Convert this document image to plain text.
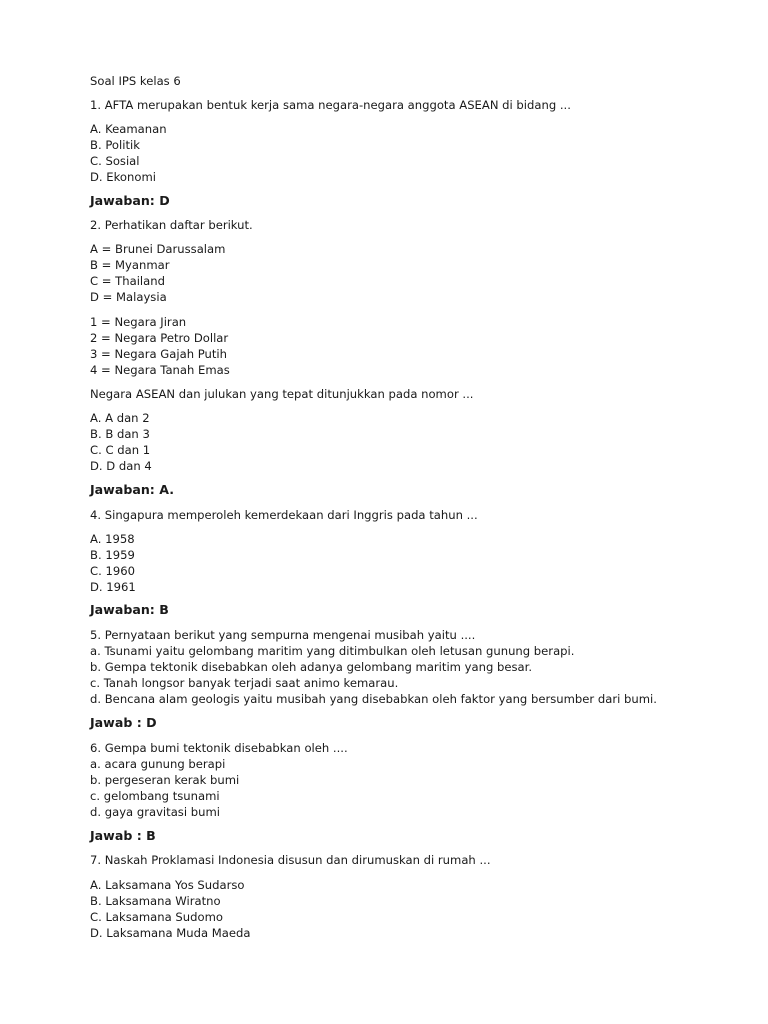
Soal IPS kelas 6
1. AFTA merupakan bentuk kerja sama negara-negara anggota ASEAN di bidang ...
A. Keamanan
B. Politik
C. Sosial
D. Ekonomi
Jawaban: D
2. Perhatikan daftar berikut.
A = Brunei Darussalam
B = Myanmar
C = Thailand
D = Malaysia
1 = Negara Jiran
2 = Negara Petro Dollar
3 = Negara Gajah Putih
4 = Negara Tanah Emas
Negara ASEAN dan julukan yang tepat ditunjukkan pada nomor ...
A. A dan 2
B. B dan 3
C. C dan 1
D. D dan 4
Jawaban: A.
4. Singapura memperoleh kemerdekaan dari Inggris pada tahun ...
A. 1958
B. 1959
C. 1960
D. 1961
Jawaban: B
5. Pernyataan berikut yang sempurna mengenai musibah yaitu ....
a. Tsunami yaitu gelombang maritim yang ditimbulkan oleh letusan gunung berapi.
b. Gempa tektonik disebabkan oleh adanya gelombang maritim yang besar.
c. Tanah longsor banyak terjadi saat animo kemarau.
d. Bencana alam geologis yaitu musibah yang disebabkan oleh faktor yang bersumber dari bumi.
Jawab : D
6. Gempa bumi tektonik disebabkan oleh ....
a. acara gunung berapi
b. pergeseran kerak bumi
c. gelombang tsunami
d. gaya gravitasi bumi
Jawab : B
7. Naskah Proklamasi Indonesia disusun dan dirumuskan di rumah ...
A. Laksamana Yos Sudarso
B. Laksamana Wiratno
C. Laksamana Sudomo
D. Laksamana Muda Maeda
